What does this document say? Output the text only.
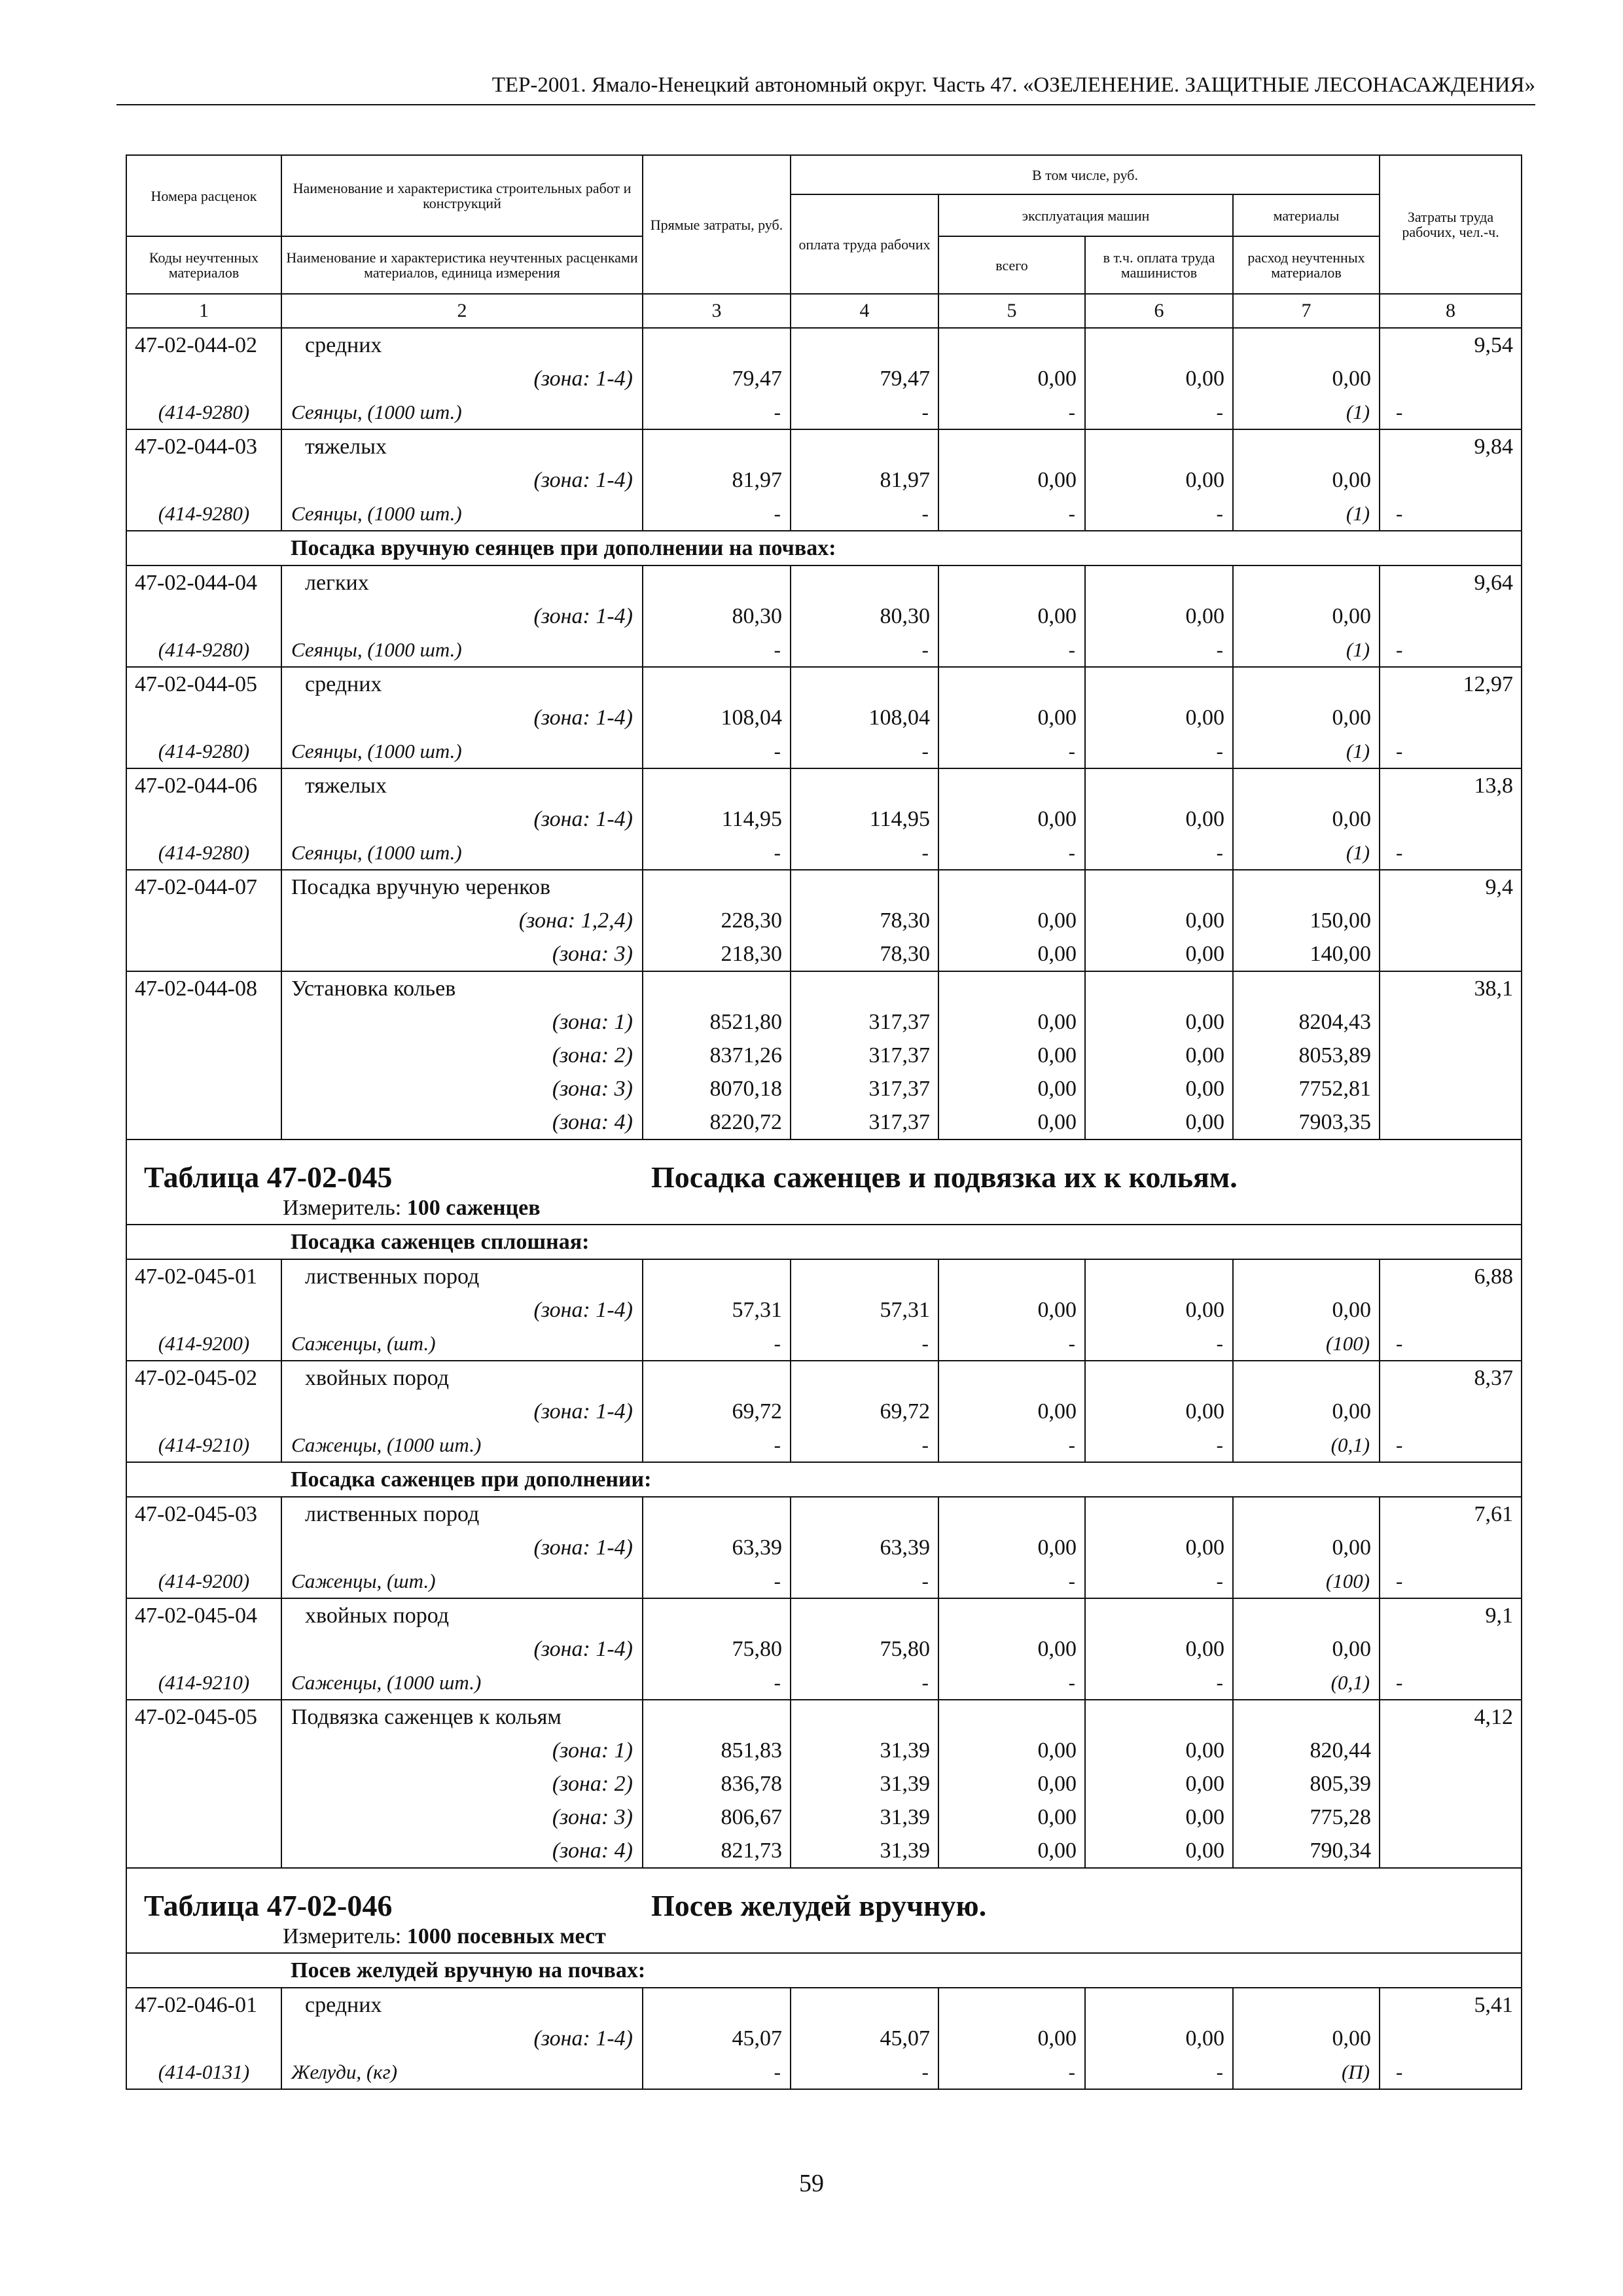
ТЕР-2001. Ямало-Ненецкий автономный округ. Часть 47. «ОЗЕЛЕНЕНИЕ. ЗАЩИТНЫЕ ЛЕСОНАСАЖДЕНИЯ»
Номера расценок	Наименование и характеристика строительных работ и конструкций	Прямые затраты, руб.	В том числе, руб.				Затраты труда рабочих, чел.-ч.
			оплата труда рабочих	эксплуатация машин		материалы	
Коды неучтенных материалов	Наименование и характеристика неучтенных расценками материалов, единица измерения			всего	в т.ч. оплата труда машинистов	расход неучтенных материалов	
1	2	3	4	5	6	7	8
47-02-044-02	средних						9,54
	(зона: 1-4)	79,47	79,47	0,00	0,00	0,00	
(414-9280)	Сеянцы, (1000 шт.)	-	-	-	-	(1)	-
47-02-044-03	тяжелых						9,84
	(зона: 1-4)	81,97	81,97	0,00	0,00	0,00	
(414-9280)	Сеянцы, (1000 шт.)	-	-	-	-	(1)	-
	Посадка вручную сеянцев при дополнении на почвах:						
47-02-044-04	легких						9,64
	(зона: 1-4)	80,30	80,30	0,00	0,00	0,00	
(414-9280)	Сеянцы, (1000 шт.)	-	-	-	-	(1)	-
47-02-044-05	средних						12,97
	(зона: 1-4)	108,04	108,04	0,00	0,00	0,00	
(414-9280)	Сеянцы, (1000 шт.)	-	-	-	-	(1)	-
47-02-044-06	тяжелых						13,8
	(зона: 1-4)	114,95	114,95	0,00	0,00	0,00	
(414-9280)	Сеянцы, (1000 шт.)	-	-	-	-	(1)	-
47-02-044-07	Посадка вручную черенков						9,4
	(зона: 1,2,4)	228,30	78,30	0,00	0,00	150,00	
	(зона: 3)	218,30	78,30	0,00	0,00	140,00	
47-02-044-08	Установка кольев						38,1
	(зона: 1)	8521,80	317,37	0,00	0,00	8204,43	
	(зона: 2)	8371,26	317,37	0,00	0,00	8053,89	
	(зона: 3)	8070,18	317,37	0,00	0,00	7752,81	
	(зона: 4)	8220,72	317,37	0,00	0,00	7903,35	

Таблица 47-02-045 Посадка саженцев и подвязка их к кольям.							

Измеритель: 100 саженцев							

	Посадка саженцев сплошная:						
47-02-045-01	лиственных пород						6,88
	(зона: 1-4)	57,31	57,31	0,00	0,00	0,00	
(414-9200)	Саженцы, (шт.)	-	-	-	-	(100)	-
47-02-045-02	хвойных пород						8,37
	(зона: 1-4)	69,72	69,72	0,00	0,00	0,00	
(414-9210)	Саженцы, (1000 шт.)	-	-	-	-	(0,1)	-
	Посадка саженцев при дополнении:						
47-02-045-03	лиственных пород						7,61
	(зона: 1-4)	63,39	63,39	0,00	0,00	0,00	
(414-9200)	Саженцы, (шт.)	-	-	-	-	(100)	-
47-02-045-04	хвойных пород						9,1
	(зона: 1-4)	75,80	75,80	0,00	0,00	0,00	
(414-9210)	Саженцы, (1000 шт.)	-	-	-	-	(0,1)	-
47-02-045-05	Подвязка саженцев к кольям						4,12
	(зона: 1)	851,83	31,39	0,00	0,00	820,44	
	(зона: 2)	836,78	31,39	0,00	0,00	805,39	
	(зона: 3)	806,67	31,39	0,00	0,00	775,28	
	(зона: 4)	821,73	31,39	0,00	0,00	790,34	

Таблица 47-02-046 Посев желудей вручную.							

Измеритель: 1000 посевных мест							

	Посев желудей вручную на почвах:						
47-02-046-01	средних						5,41
	(зона: 1-4)	45,07	45,07	0,00	0,00	0,00	
(414-0131)	Желуди, (кг)	-	-	-	-	(П)	-
59
